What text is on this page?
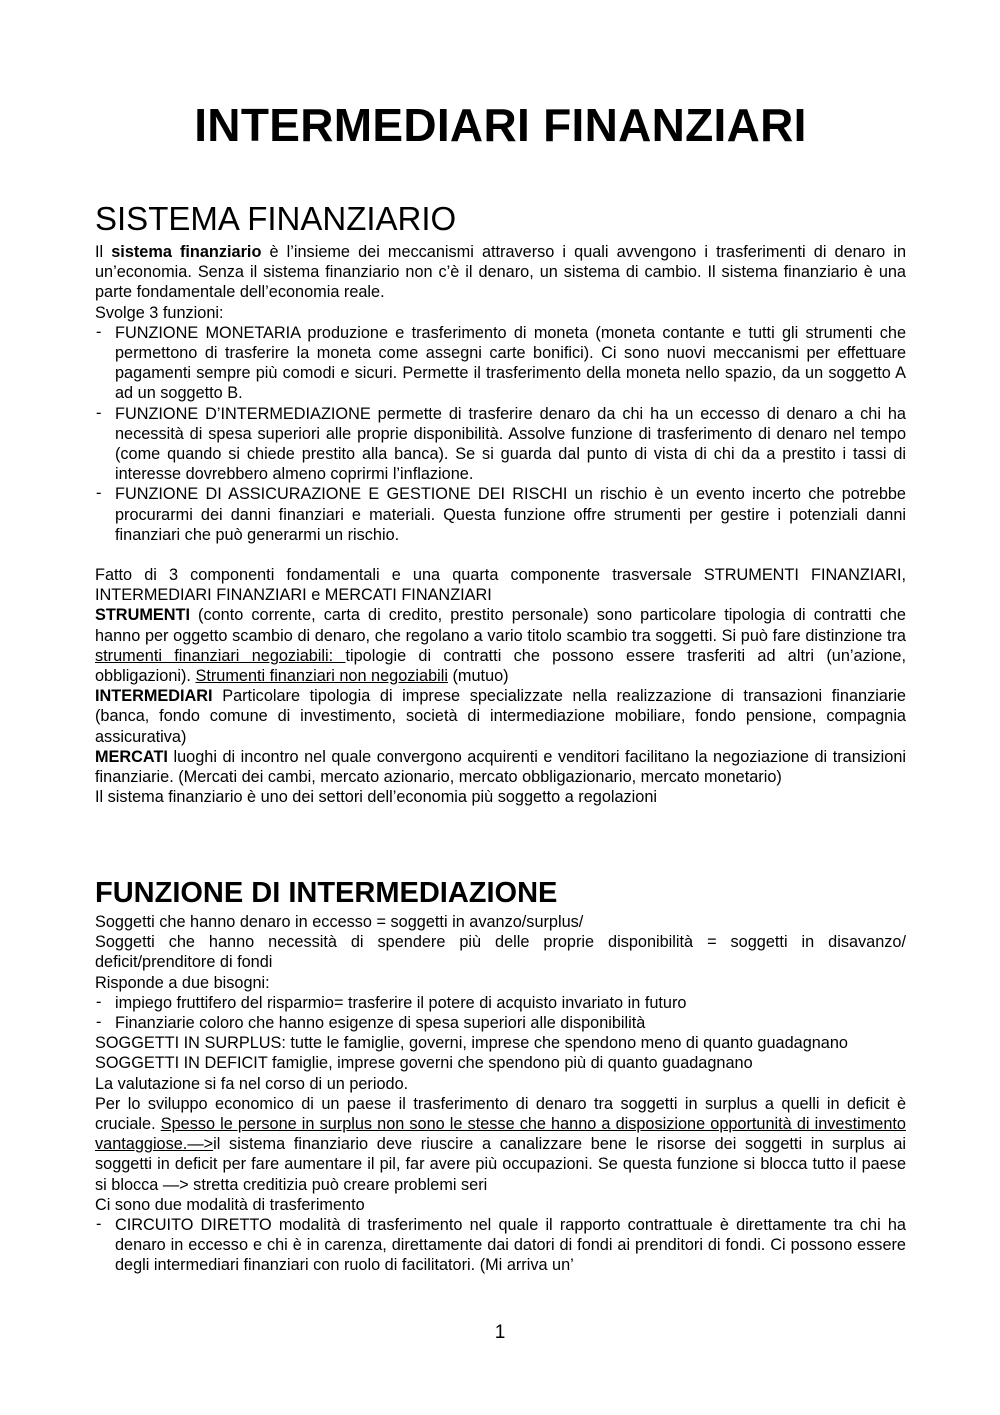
INTERMEDIARI FINANZIARI
SISTEMA FINANZIARIO

Il sistema finanziario è l’insieme dei meccanismi attraverso i quali avvengono i trasferimenti di denaro in un’economia. Senza il sistema finanziario non c’è il denaro, un sistema di cambio. Il sistema finanziario è una parte fondamentale dell’economia reale.

Svolge 3 funzioni:

- FUNZIONE MONETARIA produzione e trasferimento di moneta (moneta contante e tutti gli strumenti che permettono di trasferire la moneta come assegni carte bonifici). Ci sono nuovi meccanismi per effettuare pagamenti sempre più comodi e sicuri. Permette il trasferimento della moneta nello spazio, da un soggetto A ad un soggetto B.
- FUNZIONE D’INTERMEDIAZIONE permette di trasferire denaro da chi ha un eccesso di denaro a chi ha necessità di spesa superiori alle proprie disponibilità. Assolve funzione di trasferimento di denaro nel tempo (come quando si chiede prestito alla banca). Se si guarda dal punto di vista di chi da a prestito i tassi di interesse dovrebbero almeno coprirmi l’inflazione.
- FUNZIONE DI ASSICURAZIONE E GESTIONE DEI RISCHI un rischio è un evento incerto che potrebbe procurarmi dei danni finanziari e materiali. Questa funzione offre strumenti per gestire i potenziali danni finanziari che può generarmi un rischio.

Fatto di 3 componenti fondamentali e una quarta componente trasversale STRUMENTI FINANZIARI, INTERMEDIARI FINANZIARI e MERCATI FINANZIARI

STRUMENTI (conto corrente, carta di credito, prestito personale) sono particolare tipologia di contratti che hanno per oggetto scambio di denaro, che regolano a vario titolo scambio tra soggetti. Si può fare distinzione tra strumenti finanziari negoziabili: tipologie di contratti che possono essere trasferiti ad altri (un’azione, obbligazioni). Strumenti finanziari non negoziabili (mutuo)

INTERMEDIARI Particolare tipologia di imprese specializzate nella realizzazione di transazioni finanziarie (banca, fondo comune di investimento, società di intermediazione mobiliare, fondo pensione, compagnia assicurativa)

MERCATI luoghi di incontro nel quale convergono acquirenti e venditori facilitano la negoziazione di transizioni finanziarie. (Mercati dei cambi, mercato azionario, mercato obbligazionario, mercato monetario)

Il sistema finanziario è uno dei settori dell’economia più soggetto a regolazioni

FUNZIONE DI INTERMEDIAZIONE

Soggetti che hanno denaro in eccesso = soggetti in avanzo/surplus/

Soggetti che hanno necessità di spendere più delle proprie disponibilità = soggetti in disavanzo/ deficit/prenditore di fondi

Risponde a due bisogni:

- impiego fruttifero del risparmio= trasferire il potere di acquisto invariato in futuro
- Finanziarie coloro che hanno esigenze di spesa superiori alle disponibilità

SOGGETTI IN SURPLUS: tutte le famiglie, governi, imprese che spendono meno di quanto guadagnano

SOGGETTI IN DEFICIT famiglie, imprese governi che spendono più di quanto guadagnano

La valutazione si fa nel corso di un periodo.

Per lo sviluppo economico di un paese il trasferimento di denaro tra soggetti in surplus a quelli in deficit è cruciale. Spesso le persone in surplus non sono le stesse che hanno a disposizione opportunità di investimento vantaggiose.—>il sistema finanziario deve riuscire a canalizzare bene le risorse dei soggetti in surplus ai soggetti in deficit per fare aumentare il pil, far avere più occupazioni. Se questa funzione si blocca tutto il paese si blocca —> stretta creditizia può creare problemi seri

Ci sono due modalità di trasferimento

- CIRCUITO DIRETTO modalità di trasferimento nel quale il rapporto contrattuale è direttamente tra chi ha denaro in eccesso e chi è in carenza, direttamente dai datori di fondi ai prenditori di fondi. Ci possono essere degli intermediari finanziari con ruolo di facilitatori. (Mi arriva un’
1
